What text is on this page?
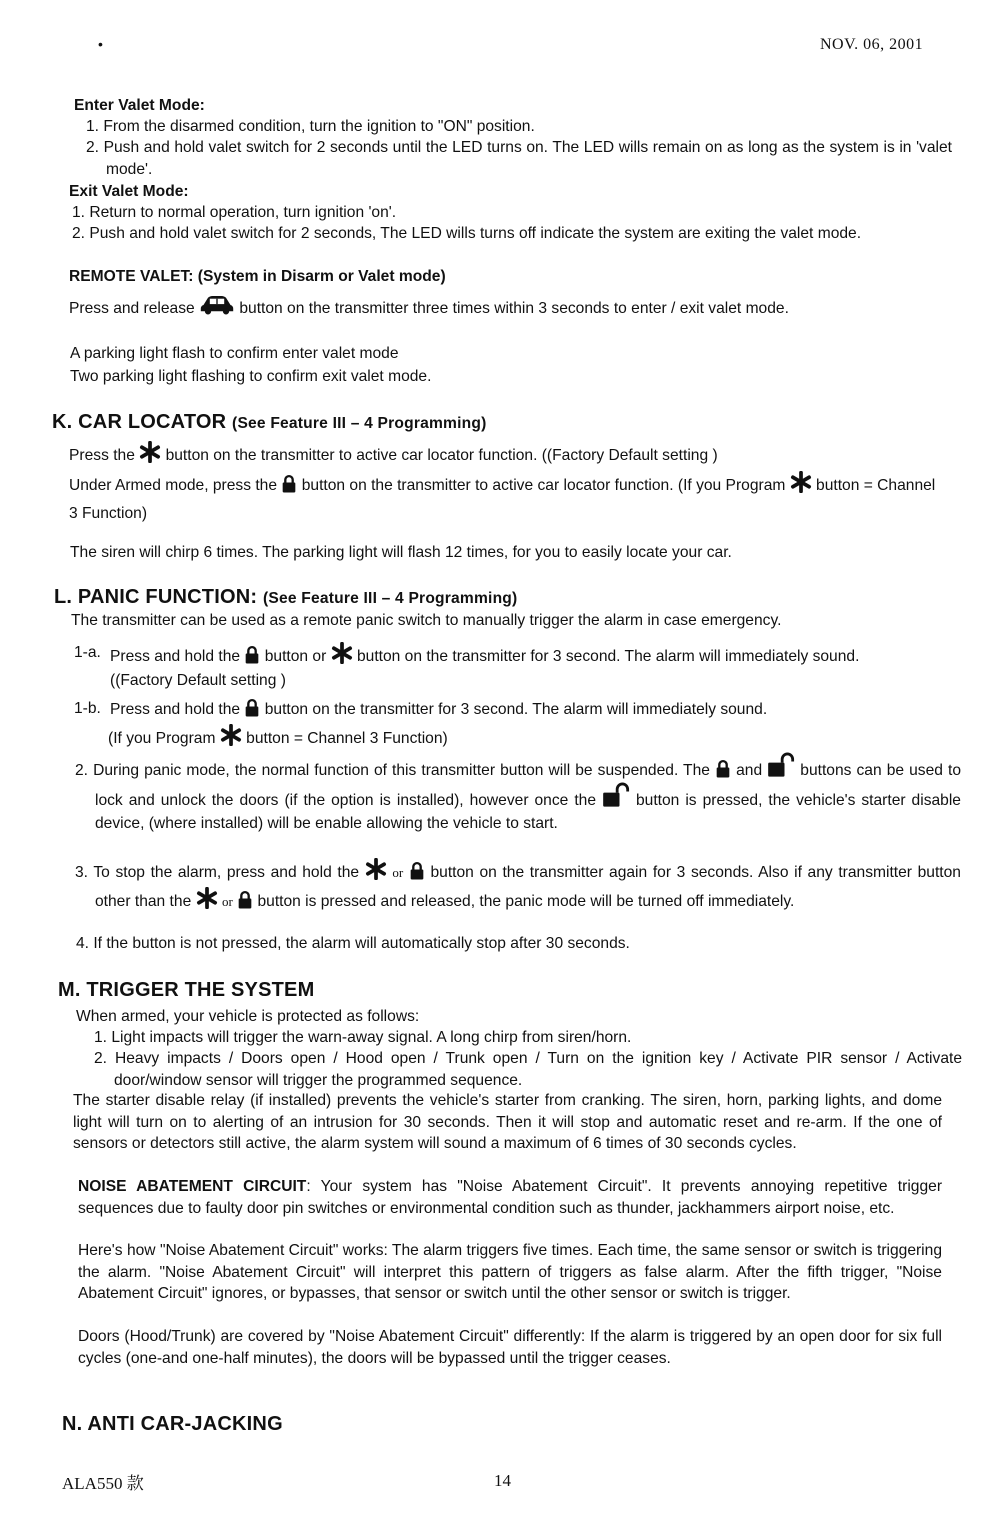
•	NOV. 06, 2001
Enter Valet Mode:
1. From the disarmed condition, turn the ignition to "ON" position.
2. Push and hold valet switch for 2 seconds until the LED turns on. The LED wills remain on as long as the system is in 'valet mode'.
Exit Valet Mode:
1. Return to normal operation, turn ignition 'on'.
2. Push and hold valet switch for 2 seconds, The LED wills turns off indicate the system are exiting the valet mode.
REMOTE VALET: (System in Disarm or Valet mode)
Press and release	button on the transmitter three times within 3 seconds to enter / exit valet mode.
A parking light flash to confirm enter valet mode
Two parking light flashing to confirm exit valet mode.
K. CAR LOCATOR (See Feature III – 4 Programming)
Press the button on the transmitter to active car locator function. ((Factory Default setting )
Under Armed mode, press the button on the transmitter to active car locator function. (If you Program button = Channel 3 Function)
The siren will chirp 6 times. The parking light will flash 12 times, for you to easily locate your car.
L. PANIC FUNCTION: (See Feature III – 4 Programming)
The transmitter can be used as a remote panic switch to manually trigger the alarm in case emergency.
1-a. Press and hold the button or button on the transmitter for 3 second. The alarm will immediately sound. ((Factory Default setting )
1-b. Press and hold the button on the transmitter for 3 second. The alarm will immediately sound.
(If you Program button = Channel 3 Function)
2. During panic mode, the normal function of this transmitter button will be suspended. The and buttons can be used to lock and unlock the doors (if the option is installed), however once the	button is pressed, the vehicle's starter disable device, (where installed) will be enable allowing the vehicle to start.
3. To stop the alarm, press and hold the	or button on the transmitter again for 3 seconds. Also if any transmitter button other than the or button is pressed and released, the panic mode will be turned off immediately.
4. If the button is not pressed, the alarm will automatically stop after 30 seconds.
M. TRIGGER THE SYSTEM
When armed, your vehicle is protected as follows:
1. Light impacts will trigger the warn-away signal. A long chirp from siren/horn.
2. Heavy impacts / Doors open / Hood open / Trunk open / Turn on the ignition key / Activate PIR sensor / Activate door/window sensor will trigger the programmed sequence.
The starter disable relay (if installed) prevents the vehicle's starter from cranking. The siren, horn, parking lights, and dome light will turn on to alerting of an intrusion for 30 seconds. Then it will stop and automatic reset and re-arm. If the one of sensors or detectors still active, the alarm system will sound a maximum of 6 times of 30 seconds cycles.
NOISE ABATEMENT CIRCUIT: Your system has "Noise Abatement Circuit". It prevents annoying repetitive trigger sequences due to faulty door pin switches or environmental condition such as thunder, jackhammers airport noise, etc.
Here's how "Noise Abatement Circuit" works: The alarm triggers five times. Each time, the same sensor or switch is triggering the alarm. "Noise Abatement Circuit" will interpret this pattern of triggers as false alarm. After the fifth trigger, "Noise Abatement Circuit" ignores, or bypasses, that sensor or switch until the other sensor or switch is trigger.
Doors (Hood/Trunk) are covered by "Noise Abatement Circuit" differently: If the alarm is triggered by an open door for six full cycles (one-and one-half minutes), the doors will be bypassed until the trigger ceases.
N. ANTI CAR-JACKING
ALA550 款	14
